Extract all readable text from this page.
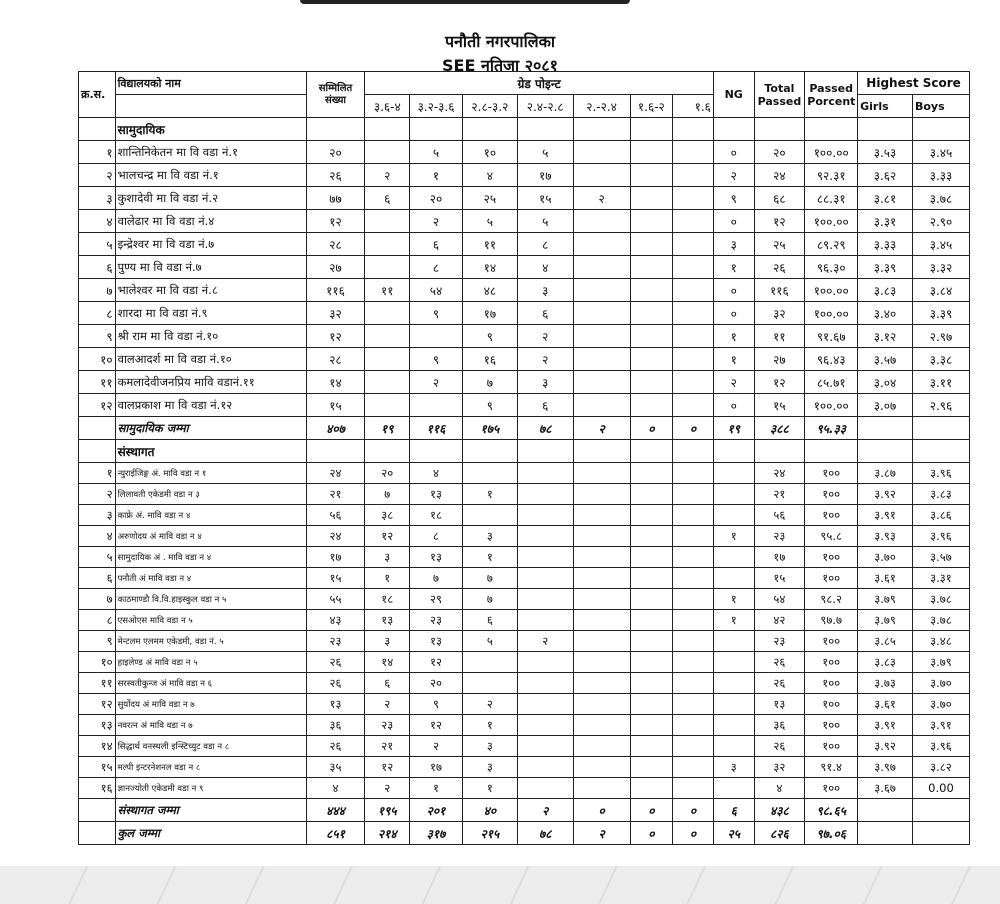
पनौती नगरपालिका
SEE नतिजा २०८१
क्र.स.	विद्यालयको नाम	सम्मिलित संख्या	ग्रेड पोइन्ट							NG	Total Passed	Passed Porcent	Highest Score	
			३.६-४	३.२-३.६	२.८-३.२	२.४-२.८	२.-२.४	१.६-२	१.६				Girls	Boys
	सामुदायिक													
१	शान्तिनिकेतन मा वि वडा नं.१	२०		५	१०	५				०	२०	१००.००	३.५३	३.४५
२	भालचन्द्र मा वि वडा नं.१	२६	२	१	४	१७				२	२४	९२.३१	३.६२	३.३३
३	कुशादेवी मा वि वडा नं.२	७७	६	२०	२५	१५	२			९	६८	८८.३१	३.८१	३.७८
४	वालेढार मा वि वडा नं.४	१२		२	५	५				०	१२	१००.००	३.३१	२.९०
५	इन्द्रेश्वर मा वि वडा नं.७	२८		६	११	८				३	२५	८९.२९	३.३३	३.४५
६	पुण्य मा वि वडा नं.७	२७		८	१४	४				१	२६	९६.३०	३.३९	३.३२
७	भालेश्वर मा वि वडा नं.८	११६	११	५४	४८	३				०	११६	१००.००	३.८३	३.८४
८	शारदा मा वि वडा नं.९	३२		९	१७	६				०	३२	१००.००	३.४०	३.३९
९	श्री राम मा वि वडा नं.१०	१२			९	२				१	११	९१.६७	३.१२	२.९७
१०	वालआदर्श मा वि वडा नं.१०	२८		९	१६	२				१	२७	९६.४३	३.५७	३.३८
११	कमलादेवीजनप्रिय मावि वडानं.११	१४		२	७	३				२	१२	८५.७१	३.०४	३.११
१२	वालप्रकाश मा वि वडा नं.१२	१५			९	६				०	१५	१००.००	३.०७	२.९६
	सामुदायिक जम्मा	४०७	१९	११६	१७५	७८	२	०	०	१९	३८८	९५.३३		
	संस्थागत													
१	न्युराईजिङ्ग अं. मावि वडा न १	२४	२०	४							२४	१००	३.८७	३.९६
२	लिलावती एकेडमी वडा न ३	२१	७	१३	१						२१	१००	३.९२	३.८३
३	काफ्रे अं. मावि वडा न ४	५६	३८	१८							५६	१००	३.९१	३.८६
४	अरुणोदय अं मावि वडा न ४	२४	१२	८	३					१	२३	९५.८	३.९३	३.९६
५	सामुदायिक अं . मावि वडा न ४	१७	३	१३	१						१७	१००	३.७०	३.५७
६	पनौती अं मावि वडा न ४	१५	१	७	७						१५	१००	३.६१	३.३१
७	काठमाण्डौ वि.वि.हाइस्कुल वडा न ५	५५	१८	२९	७					१	५४	९८.२	३.७९	३.७८
८	एसओएस मावि वडा न ५	४३	१३	२३	६					१	४२	९७.७	३.७९	३.७८
९	मेन्टलम एलमम एकेडमी, वडा नं. ५	२३	३	१३	५	२					२३	१००	३.८५	३.४८
१०	हाइलेण्ड अं मावि वडा न ५	२६	१४	१२							२६	१००	३.८३	३.७९
११	सरस्वतीकुन्ज अं मावि वडा न ६	२६	६	२०							२६	१००	३.७३	३.७०
१२	सुर्योदय अं मावि वडा न ७	१३	२	९	२						१३	१००	३.६१	३.७०
१३	नवरत्न अं मावि वडा न ७	३६	२३	१२	१						३६	१००	३.९१	३.९१
१४	सिद्धार्थ वनस्थली इन्स्टिच्युट वडा न ८	२६	२१	२	३						२६	१००	३.९२	३.९६
१५	मल्पी इन्टरनेशनल वडा न ८	३५	१२	१७	३					३	३२	९१.४	३.९७	३.८२
१६	ज्ञानज्योती एकेडमी वडा न ९	४	२	१	१						४	१००	३.६७	0.00
	संस्थागत जम्मा	४४४	१९५	२०१	४०	२	०	०	०	६	४३८	९८.६५		
	कुल जम्मा	८५१	२१४	३१७	२१५	७८	२	०	०	२५	८२६	९७.०६		
